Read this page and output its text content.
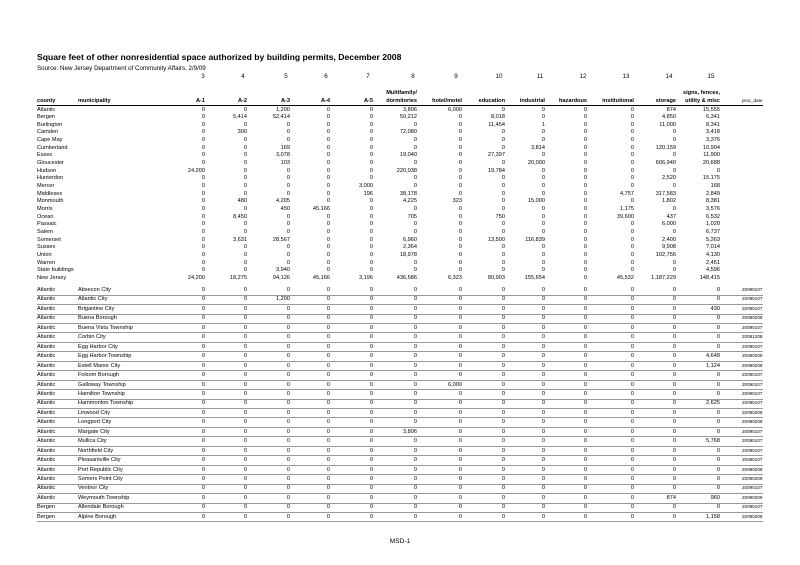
Square feet of other nonresidential space authorized by building permits, December 2008
Source: New Jersey Department of Community Affairs, 2/9/09
3	4	5	6	7	8	9	10	11	12	13	14	15
Multifamily/	signs, fences,
county	municipality	A-1	A-2	A-3	A-4	A-5	dormitories	hotel/motel	education	industrial	hazardous	institutional	storage	utility & misc	proc_date
Atlantic	0	0	1,200	0	0	3,806	6,000	0	0	0	0	874	15,555
Bergen	0	5,414	52,414	0	0	50,212	0	8,018	0	0	0	4,850	6,341
Burlington	0	0	0	0	0	0	0	11,454	1	0	0	11,000	8,341
Camden	0	300	0	0	0	72,080	0	0	0	0	0	0	3,418
Cape May	0	0	0	0	0	0	0	0	0	0	0	0	3,376
Cumberland	0	0	169	0	0	0	0	0	3,814	0	0	120,159	10,904
Essex	0	0	3,078	0	0	19,040	0	27,397	0	0	0	0	11,900
Gloucester	0	0	103	0	0	0	0	0	20,000	0	0	606,940	20,688
Hudson	24,200	0	0	0	0	220,038	0	19,784	0	0	0	0	0
Hunterdon	0	0	0	0	0	0	0	0	0	0	0	2,520	15,175
Mercer	0	0	0	0	3,000	0	0	0	0	0	0	0	168
Middlesex	0	0	0	0	196	38,178	0	0	0	0	4,757	317,583	2,849
Monmouth	0	480	4,205	0	0	4,225	323	0	15,000	0	0	1,802	8,381
Morris	0	0	450	45,166	0	0	0	0	0	0	1,175	0	3,576
Ocean	0	8,450	0	0	0	705	0	750	0	0	39,600	437	6,532
Passaic	0	0	0	0	0	0	0	0	0	0	0	6,000	1,020
Salem	0	0	0	0	0	0	0	0	0	0	0	0	6,737
Somerset	0	3,631	28,567	0	0	6,960	0	13,500	116,839	0	0	2,400	5,263
Sussex	0	0	0	0	0	2,364	0	0	0	0	0	9,908	7,014
Union	0	0	0	0	0	18,978	0	0	0	0	0	102,756	4,130
Warren	0	0	0	0	0	0	0	0	0	0	0	0	2,451
State buildings	0	0	3,940	0	0	0	0	0	0	0	0	0	4,596
New Jersey	24,200	18,275	94,126	45,166	3,196	436,586	6,323	80,903	155,654	0	45,532	1,187,229	148,415
Atlantic	Absecon City	0	0	0	0	0	0	0	0	0	0	0	0	0	20090107
Atlantic	Atlantic City	0	0	1,200	0	0	0	0	0	0	0	0	0	0	20090107
Atlantic	Brigantine City	0	0	0	0	0	0	0	0	0	0	0	0	430	20090107
Atlantic	Buena Borough	0	0	0	0	0	0	0	0	0	0	0	0	0	20090209
Atlantic	Buena Vista Township	0	0	0	0	0	0	0	0	0	0	0	0	0	20090107
Atlantic	Corbin City	0	0	0	0	0	0	0	0	0	0	0	0	0	20081208
Atlantic	Egg Harbor City	0	0	0	0	0	0	0	0	0	0	0	0	0	20090107
Atlantic	Egg Harbor Township	0	0	0	0	0	0	0	0	0	0	0	0	4,648	20090209
Atlantic	Estell Manor City	0	0	0	0	0	0	0	0	0	0	0	0	1,124	20090209
Atlantic	Folsom Borough	0	0	0	0	0	0	0	0	0	0	0	0	0	20090107
Atlantic	Galloway Township	0	0	0	0	0	0	6,000	0	0	0	0	0	0	20090107
Atlantic	Hamilton Township	0	0	0	0	0	0	0	0	0	0	0	0	0	20090107
Atlantic	Hammonton Township	0	0	0	0	0	0	0	0	0	0	0	0	2,625	20090107
Atlantic	Linwood City	0	0	0	0	0	0	0	0	0	0	0	0	0	20090209
Atlantic	Longport City	0	0	0	0	0	0	0	0	0	0	0	0	0	20090209
Atlantic	Margate City	0	0	0	0	0	3,806	0	0	0	0	0	0	0	20090107
Atlantic	Mullica City	0	0	0	0	0	0	0	0	0	0	0	0	5,768	20090107
Atlantic	Northfield City	0	0	0	0	0	0	0	0	0	0	0	0	0	20090107
Atlantic	Pleasantville City	0	0	0	0	0	0	0	0	0	0	0	0	0	20090107
Atlantic	Port Republic City	0	0	0	0	0	0	0	0	0	0	0	0	0	20090209
Atlantic	Somers Point City	0	0	0	0	0	0	0	0	0	0	0	0	0	20090209
Atlantic	Ventnor City	0	0	0	0	0	0	0	0	0	0	0	0	0	20090107
Atlantic	Weymouth Township	0	0	0	0	0	0	0	0	0	0	0	874	960	20090209
Bergen	Allendale Borough	0	0	0	0	0	0	0	0	0	0	0	0	0	20090107
Bergen	Alpine Borough	0	0	0	0	0	0	0	0	0	0	0	0	1,158	20090209
MSD-1
